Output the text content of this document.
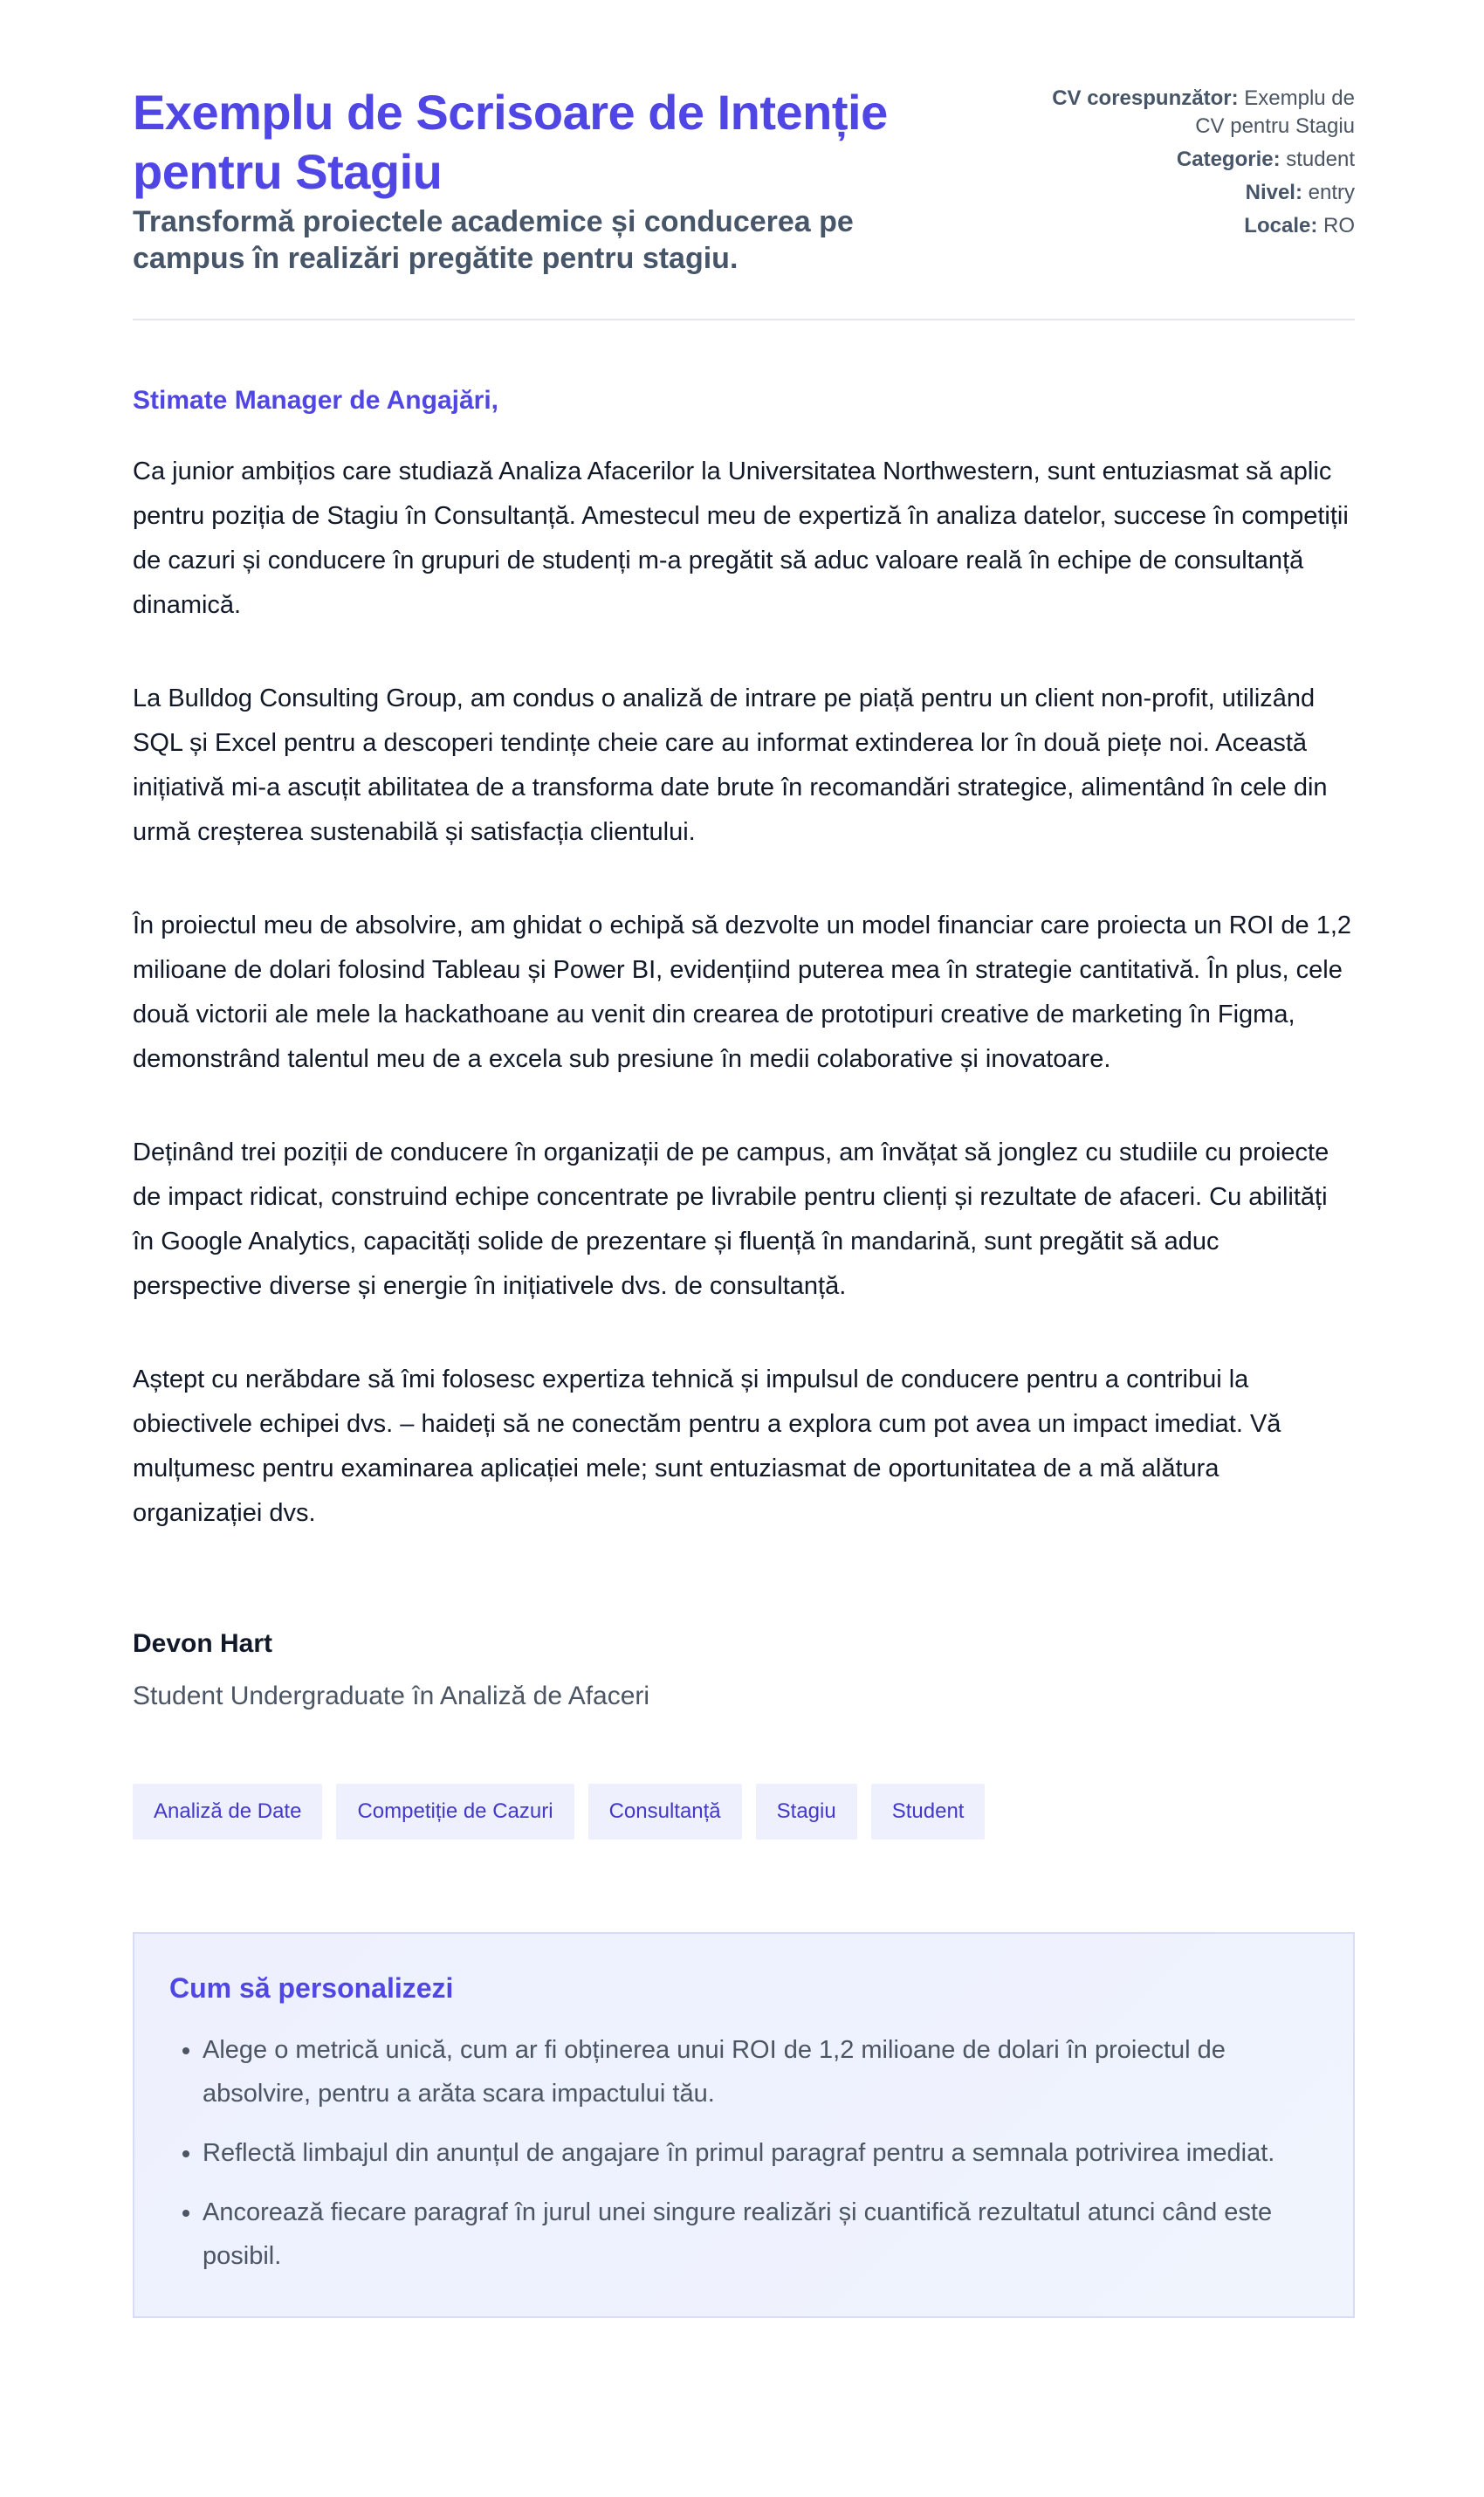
Exemplu de Scrisoare de Intenție pentru Stagiu

Transformă proiectele academice și conducerea pe campus în realizări pregătite pentru stagiu.

CV corespunzător: Exemplu de CV pentru Stagiu
Categorie: student
Nivel: entry
Locale: RO

Stimate Manager de Angajări,

Ca junior ambițios care studiază Analiza Afacerilor la Universitatea Northwestern, sunt entuziasmat să aplic pentru poziția de Stagiu în Consultanță. Amestecul meu de expertiză în analiza datelor, succese în competiții de cazuri și conducere în grupuri de studenți m-a pregătit să aduc valoare reală în echipe de consultanță dinamică.

La Bulldog Consulting Group, am condus o analiză de intrare pe piață pentru un client non-profit, utilizând SQL și Excel pentru a descoperi tendințe cheie care au informat extinderea lor în două piețe noi. Această inițiativă mi-a ascuțit abilitatea de a transforma date brute în recomandări strategice, alimentând în cele din urmă creșterea sustenabilă și satisfacția clientului.

În proiectul meu de absolvire, am ghidat o echipă să dezvolte un model financiar care proiecta un ROI de 1,2 milioane de dolari folosind Tableau și Power BI, evidențiind puterea mea în strategie cantitativă. În plus, cele două victorii ale mele la hackathoane au venit din crearea de prototipuri creative de marketing în Figma, demonstrând talentul meu de a excela sub presiune în medii colaborative și inovatoare.

Deținând trei poziții de conducere în organizații de pe campus, am învățat să jonglez cu studiile cu proiecte de impact ridicat, construind echipe concentrate pe livrabile pentru clienți și rezultate de afaceri. Cu abilități în Google Analytics, capacități solide de prezentare și fluență în mandarină, sunt pregătit să aduc perspective diverse și energie în inițiativele dvs. de consultanță.

Aștept cu nerăbdare să îmi folosesc expertiza tehnică și impulsul de conducere pentru a contribui la obiectivele echipei dvs. – haideți să ne conectăm pentru a explora cum pot avea un impact imediat. Vă mulțumesc pentru examinarea aplicației mele; sunt entuziasmat de oportunitatea de a mă alătura organizației dvs.

Devon Hart

Student Undergraduate în Analiză de Afaceri

Analiză de Date	Competiție de Cazuri	Consultanță	Stagiu	Student
Cum să personalizezi
• Alege o metrică unică, cum ar fi obținerea unui ROI de 1,2 milioane de dolari în proiectul de absolvire, pentru a arăta scara impactului tău.
• Reflectă limbajul din anunțul de angajare în primul paragraf pentru a semnala potrivirea imediat.
• Ancorează fiecare paragraf în jurul unei singure realizări și cuantifică rezultatul atunci când este posibil.
